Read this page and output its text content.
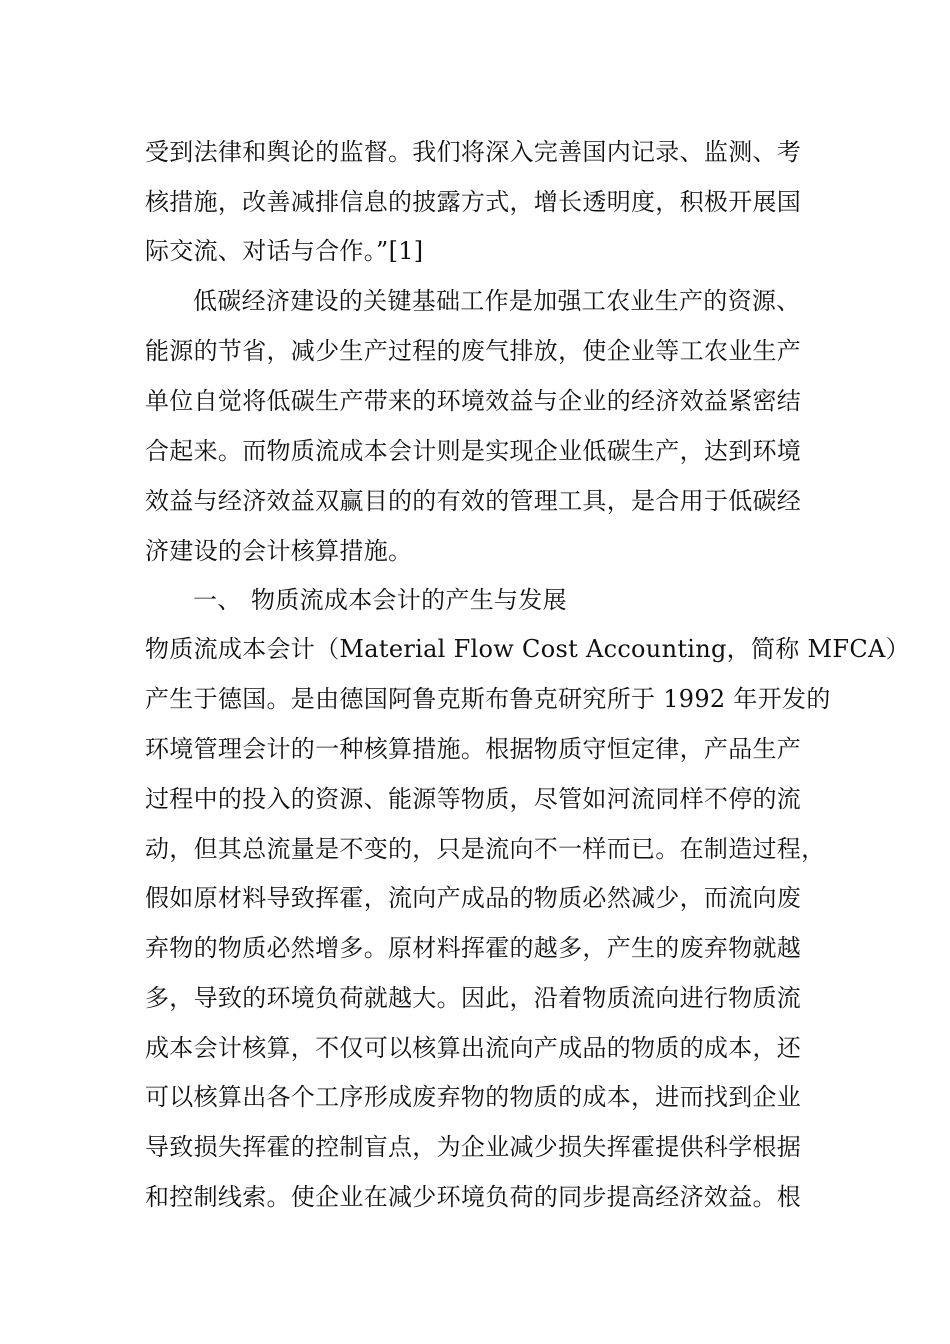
受到法律和舆论的监督。我们将深入完善国内记录、监测、考
核措施，改善减排信息的披露方式，增长透明度，积极开展国
际交流、对话与合作。”[1]
低碳经济建设的关键基础工作是加强工农业生产的资源、
能源的节省，减少生产过程的废气排放，使企业等工农业生产
单位自觉将低碳生产带来的环境效益与企业的经济效益紧密结
合起来。而物质流成本会计则是实现企业低碳生产，达到环境
效益与经济效益双赢目的的有效的管理工具，是合用于低碳经
济建设的会计核算措施。
一、 物质流成本会计的产生与发展
物质流成本会计（Material Flow Cost Accounting，简称 MFCA）
产生于德国。是由德国阿鲁克斯布鲁克研究所于 1992 年开发的
环境管理会计的一种核算措施。根据物质守恒定律，产品生产
过程中的投入的资源、能源等物质，尽管如河流同样不停的流
动，但其总流量是不变的，只是流向不一样而已。在制造过程，
假如原材料导致挥霍，流向产成品的物质必然减少，而流向废
弃物的物质必然增多。原材料挥霍的越多，产生的废弃物就越
多，导致的环境负荷就越大。因此，沿着物质流向进行物质流
成本会计核算，不仅可以核算出流向产成品的物质的成本，还
可以核算出各个工序形成废弃物的物质的成本，进而找到企业
导致损失挥霍的控制盲点，为企业减少损失挥霍提供科学根据
和控制线索。使企业在减少环境负荷的同步提高经济效益。根
